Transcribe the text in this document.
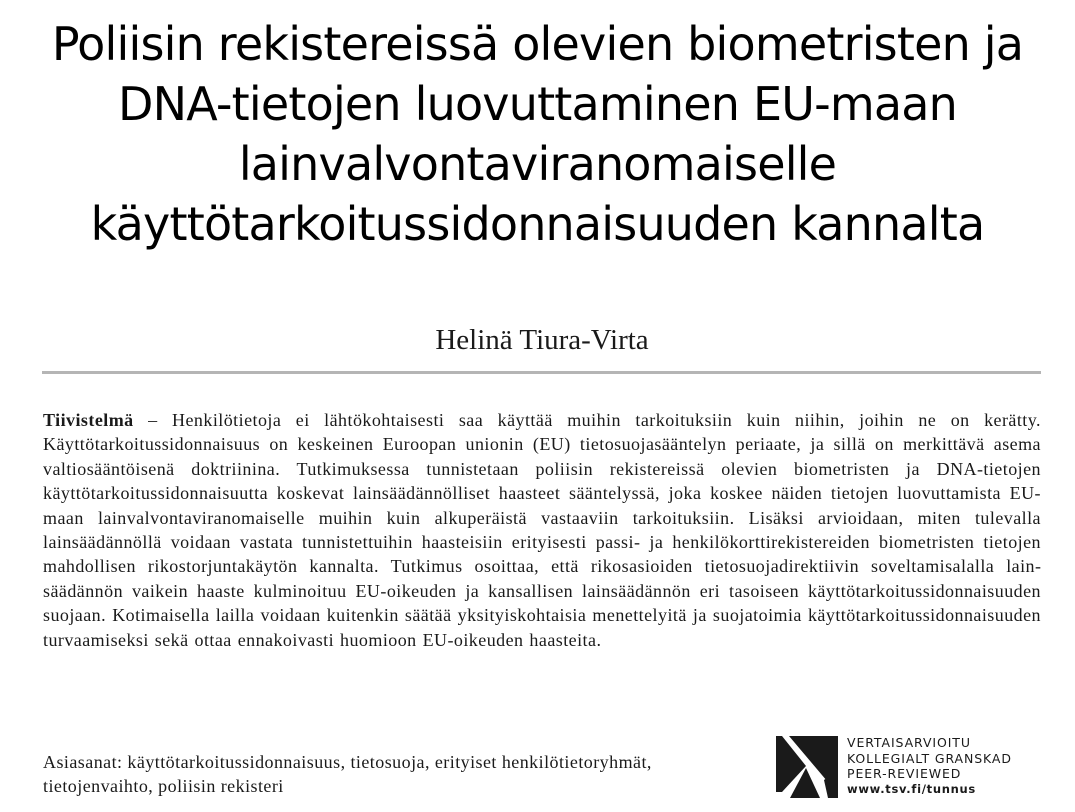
Poliisin rekistereissä olevien biometristen ja
DNA-tietojen luovuttaminen EU-maan
lainvalvontaviranomaiselle
käyttötarkoitussidonnaisuuden kannalta
Helinä Tiura-Virta

Tiivistelmä – Henkilötietoja ei lähtökohtaisesti saa käyttää muihin tarkoituksiin kuin niihin, joihin ne on kerätty. Käyttötarkoitussidonnaisuus on keskeinen Euroopan unionin (EU) tietosuojasääntelyn periaate, ja sillä on merkittävä asema valtiosääntöisenä doktriinina. Tutkimuksessa tunnistetaan poliisin rekistereissä olevien biometristen ja DNA-tietojen käyttötarkoitussidonnaisuutta koskevat lainsäädännölliset haasteet sääntelyssä, joka koskee näiden tietojen luovuttamista EU-maan lainvalvontaviranomaiselle muihin kuin alkuperäistä vastaaviin tarkoituksiin. Lisäksi arvioidaan, miten tulevalla lainsäädännöllä voidaan vastata tunnistettuihin haasteisiin erityisesti passi- ja henkilökorttirekistereiden biometristen tietojen mahdollisen rikostorjuntakäytön kannalta. Tutkimus osoittaa, että rikosasioiden tietosuojadirektiivin soveltamisalalla lainsäädännön vaikein haaste kulminoituu EU-oikeuden ja kansallisen lainsäädännön eri tasoiseen käyttötarkoitussidonnaisuuden suojaan. Kotimaisella lailla voidaan kuitenkin säätää yksityiskohtaisia menettelyitä ja suojatoimia käyttötarkoitussidonnaisuuden turvaamiseksi sekä ottaa ennakoivasti huomioon EU-oikeuden haasteita.

Asiasanat: käyttötarkoitussidonnaisuus, tietosuoja, erityiset henkilötietoryhmät, tietojenvaihto, poliisin rekisteri

VERTAISARVIOITU
KOLLEGIALT GRANSKAD
PEER-REVIEWED
www.tsv.fi/tunnus
